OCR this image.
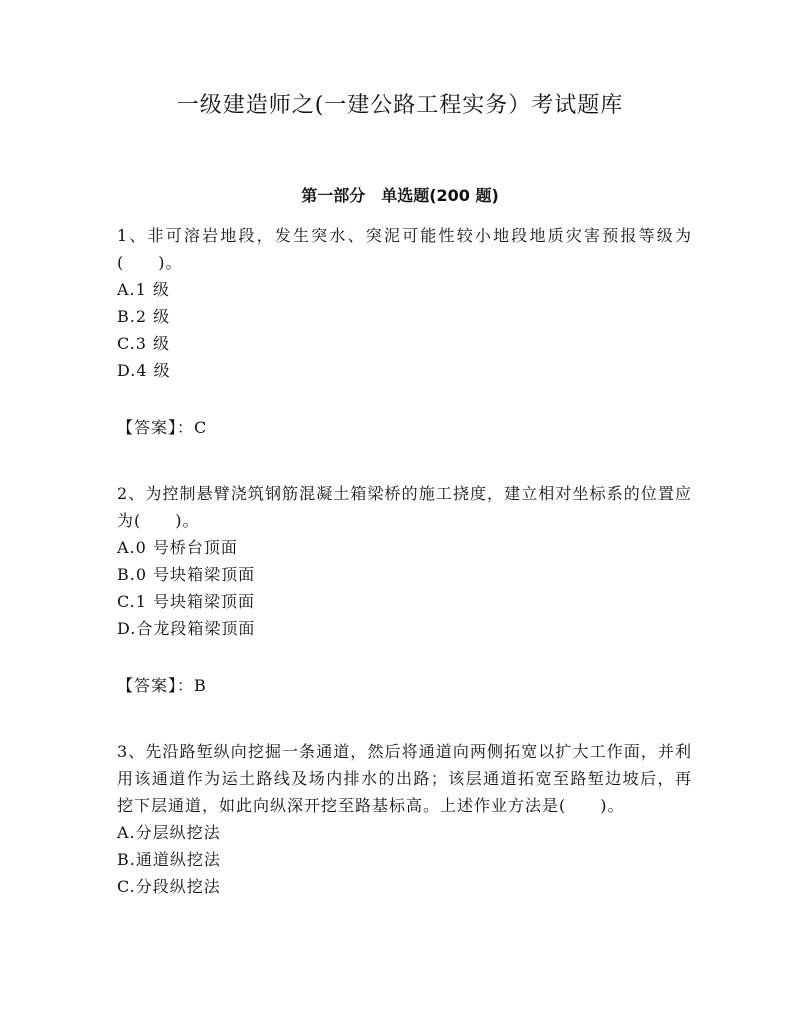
一级建造师之(一建公路工程实务）考试题库
第一部分　单选题(200 题)

1、非可溶岩地段，发生突水、突泥可能性较小地段地质灾害预报等级为(　　)。

A.1 级
B.2 级
C.3 级
D.4 级

【答案】：C

2、为控制悬臂浇筑钢筋混凝土箱梁桥的施工挠度，建立相对坐标系的位置应为(　　)。

A.0 号桥台顶面
B.0 号块箱梁顶面
C.1 号块箱梁顶面
D.合龙段箱梁顶面

【答案】：B

3、先沿路堑纵向挖掘一条通道，然后将通道向两侧拓宽以扩大工作面，并利用该通道作为运土路线及场内排水的出路；该层通道拓宽至路堑边坡后，再挖下层通道，如此向纵深开挖至路基标高。上述作业方法是(　　)。

A.分层纵挖法
B.通道纵挖法
C.分段纵挖法
